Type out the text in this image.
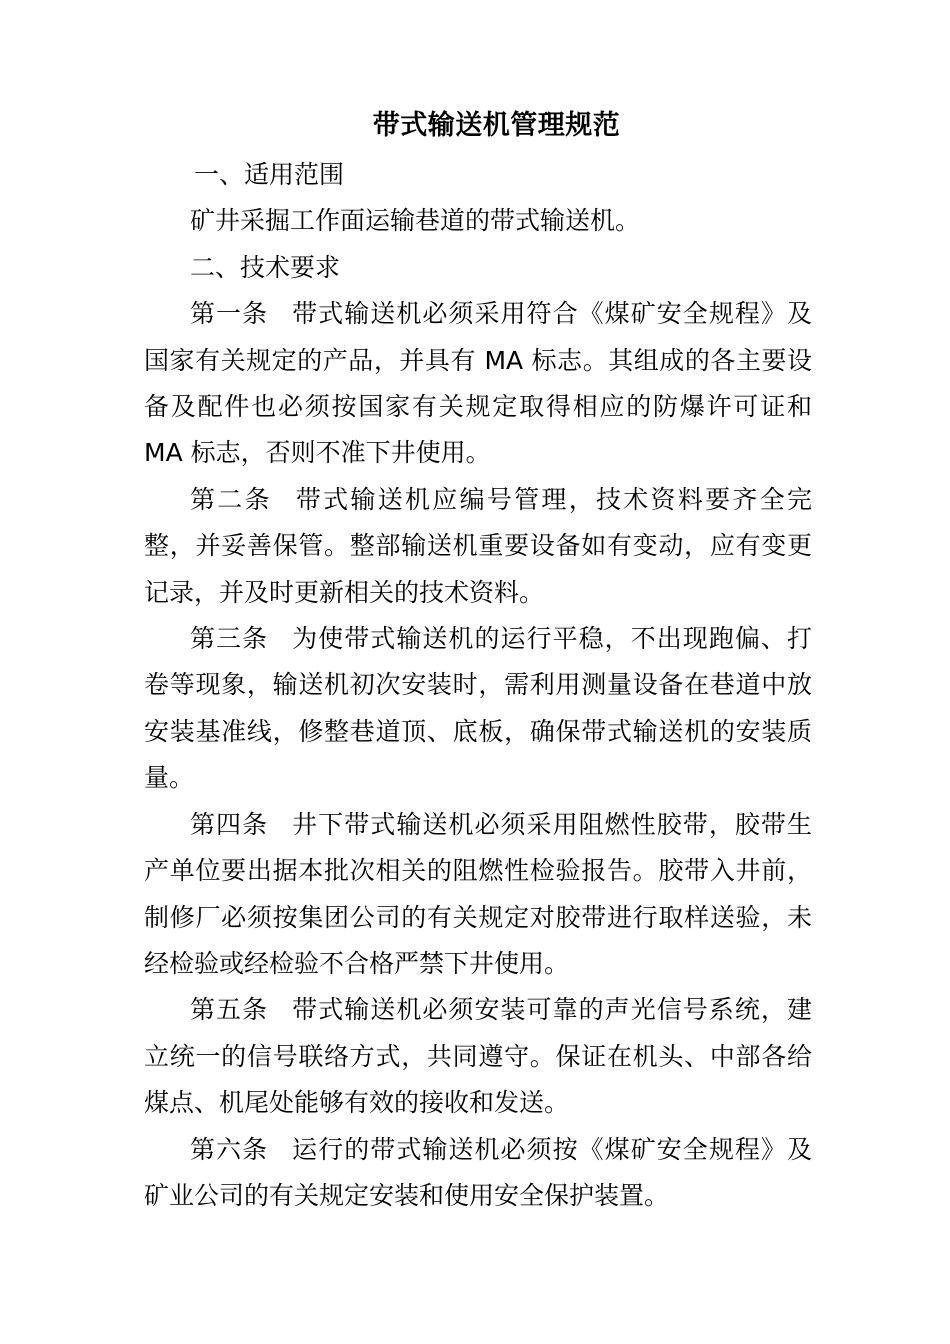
带式输送机管理规范

一、适用范围

矿井采掘工作面运输巷道的带式输送机。

二、技术要求

第一条 带式输送机必须采用符合《煤矿安全规程》及国家有关规定的产品，并具有 MA 标志。其组成的各主要设备及配件也必须按国家有关规定取得相应的防爆许可证和 MA 标志，否则不准下井使用。

第二条 带式输送机应编号管理，技术资料要齐全完整，并妥善保管。整部输送机重要设备如有变动，应有变更记录，并及时更新相关的技术资料。

第三条 为使带式输送机的运行平稳，不出现跑偏、打卷等现象，输送机初次安装时，需利用测量设备在巷道中放安装基准线，修整巷道顶、底板，确保带式输送机的安装质量。

第四条 井下带式输送机必须采用阻燃性胶带，胶带生产单位要出据本批次相关的阻燃性检验报告。胶带入井前，制修厂必须按集团公司的有关规定对胶带进行取样送验，未经检验或经检验不合格严禁下井使用。

第五条 带式输送机必须安装可靠的声光信号系统，建立统一的信号联络方式，共同遵守。保证在机头、中部各给煤点、机尾处能够有效的接收和发送。

第六条 运行的带式输送机必须按《煤矿安全规程》及矿业公司的有关规定安装和使用安全保护装置。
